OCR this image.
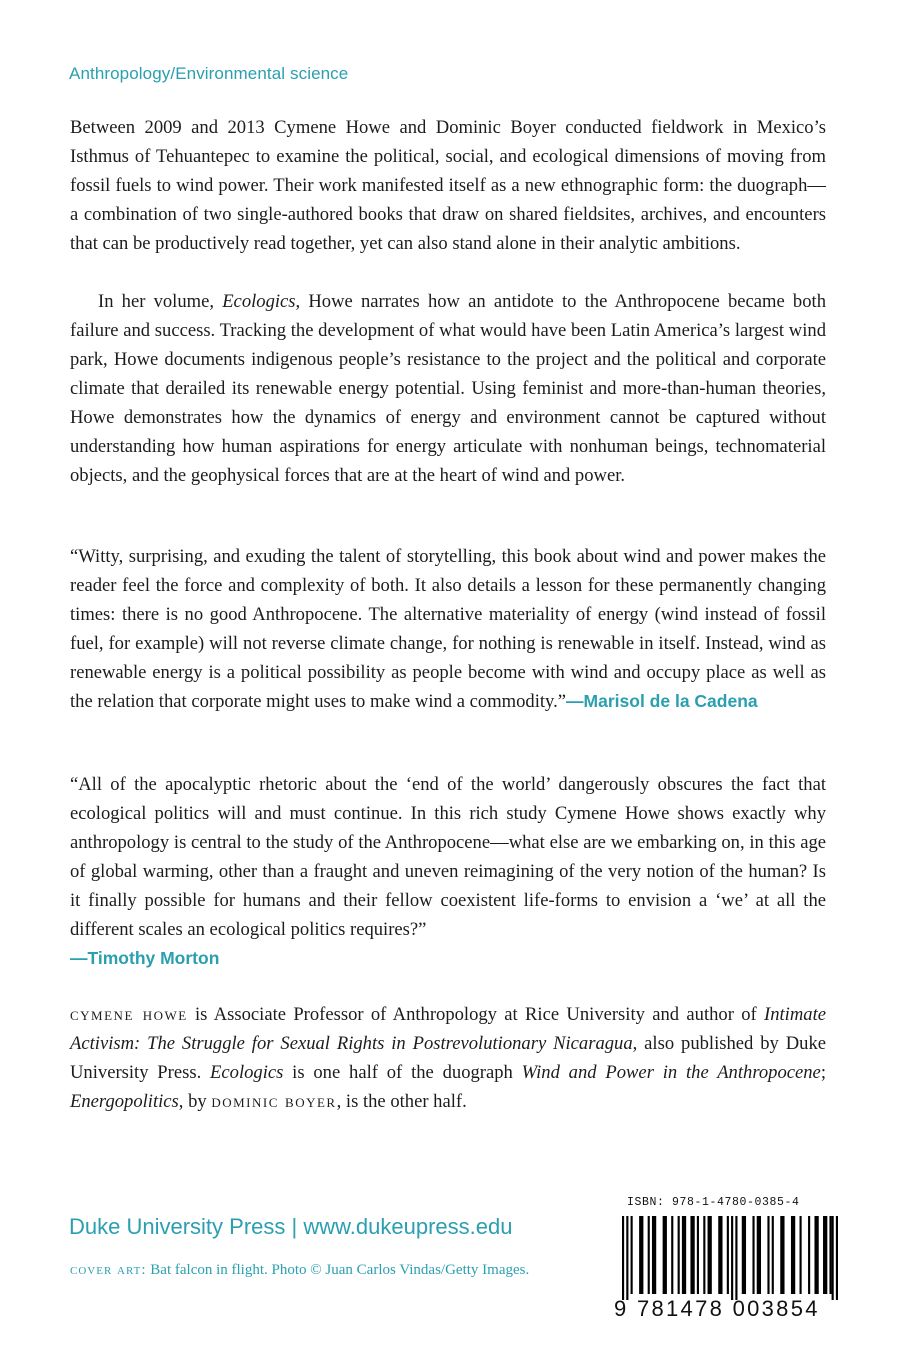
Anthropology/Environmental science

Between 2009 and 2013 Cymene Howe and Dominic Boyer conducted fieldwork in Mexico’s Isthmus of Tehuantepec to examine the political, social, and ecological dimensions of moving from fossil fuels to wind power. Their work manifested itself as a new ethnographic form: the duograph—a combination of two single-authored books that draw on shared fieldsites, archives, and encounters that can be productively read together, yet can also stand alone in their analytic ambitions.

In her volume, Ecologics, Howe narrates how an antidote to the Anthropocene became both failure and success. Tracking the development of what would have been Latin America’s largest wind park, Howe documents indigenous people’s resistance to the project and the political and corporate climate that derailed its renewable energy potential. Using feminist and more-than-human theories, Howe demonstrates how the dynamics of energy and environment cannot be captured without understanding how human aspirations for energy articulate with nonhuman beings, technomaterial objects, and the geophysical forces that are at the heart of wind and power.

“Witty, surprising, and exuding the talent of storytelling, this book about wind and power makes the reader feel the force and complexity of both. It also details a lesson for these permanently changing times: there is no good Anthropocene. The alternative materiality of energy (wind instead of fossil fuel, for example) will not reverse climate change, for nothing is renewable in itself. Instead, wind as renewable energy is a political possibility as people become with wind and occupy place as well as the relation that corporate might uses to make wind a commodity.”—Marisol de la Cadena

“All of the apocalyptic rhetoric about the ‘end of the world’ dangerously obscures the fact that ecological politics will and must continue. In this rich study Cymene Howe shows exactly why anthropology is central to the study of the Anthropocene—what else are we embarking on, in this age of global warming, other than a fraught and uneven reimagining of the very notion of the human? Is it finally possible for humans and their fellow coexistent life-forms to envision a ‘we’ at all the different scales an ecological politics requires?”
—Timothy Morton

cymene howe is Associate Professor of Anthropology at Rice University and author of Intimate Activism: The Struggle for Sexual Rights in Postrevolutionary Nicaragua, also published by Duke University Press. Ecologics is one half of the duograph Wind and Power in the Anthropocene; Energopolitics, by dominic boyer, is the other half.

Duke University Press | www.dukeupress.edu
cover art: Bat falcon in flight. Photo © Juan Carlos Vindas/Getty Images.
ISBN: 978-1-4780-0385-4
9 781478 003854
